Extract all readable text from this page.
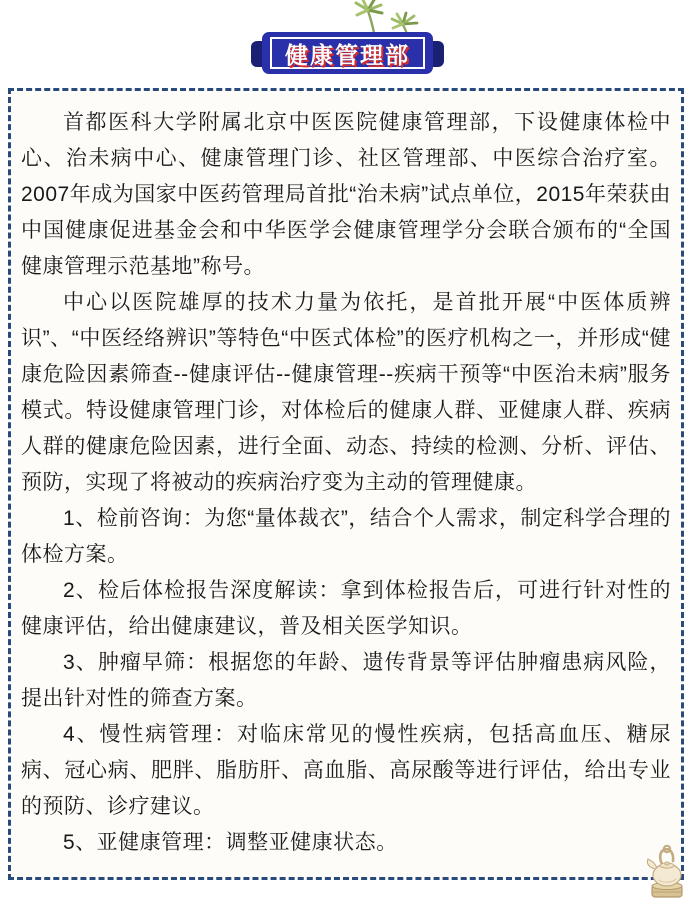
健康管理部

首都医科大学附属北京中医医院健康管理部，下设健康体检中心、治未病中心、健康管理门诊、社区管理部、中医综合治疗室。2007年成为国家中医药管理局首批“治未病”试点单位，2015年荣获由中国健康促进基金会和中华医学会健康管理学分会联合颁布的“全国健康管理示范基地”称号。

中心以医院雄厚的技术力量为依托，是首批开展“中医体质辨识”、“中医经络辨识”等特色“中医式体检”的医疗机构之一，并形成“健康危险因素筛查--健康评估--健康管理--疾病干预等“中医治未病”服务模式。特设健康管理门诊，对体检后的健康人群、亚健康人群、疾病人群的健康危险因素，进行全面、动态、持续的检测、分析、评估、预防，实现了将被动的疾病治疗变为主动的管理健康。

1、检前咨询：为您“量体裁衣”，结合个人需求，制定科学合理的体检方案。

2、检后体检报告深度解读：拿到体检报告后，可进行针对性的健康评估，给出健康建议，普及相关医学知识。

3、肿瘤早筛：根据您的年龄、遗传背景等评估肿瘤患病风险，提出针对性的筛查方案。

4、慢性病管理：对临床常见的慢性疾病，包括高血压、糖尿病、冠心病、肥胖、脂肪肝、高血脂、高尿酸等进行评估，给出专业的预防、诊疗建议。

5、亚健康管理：调整亚健康状态。
